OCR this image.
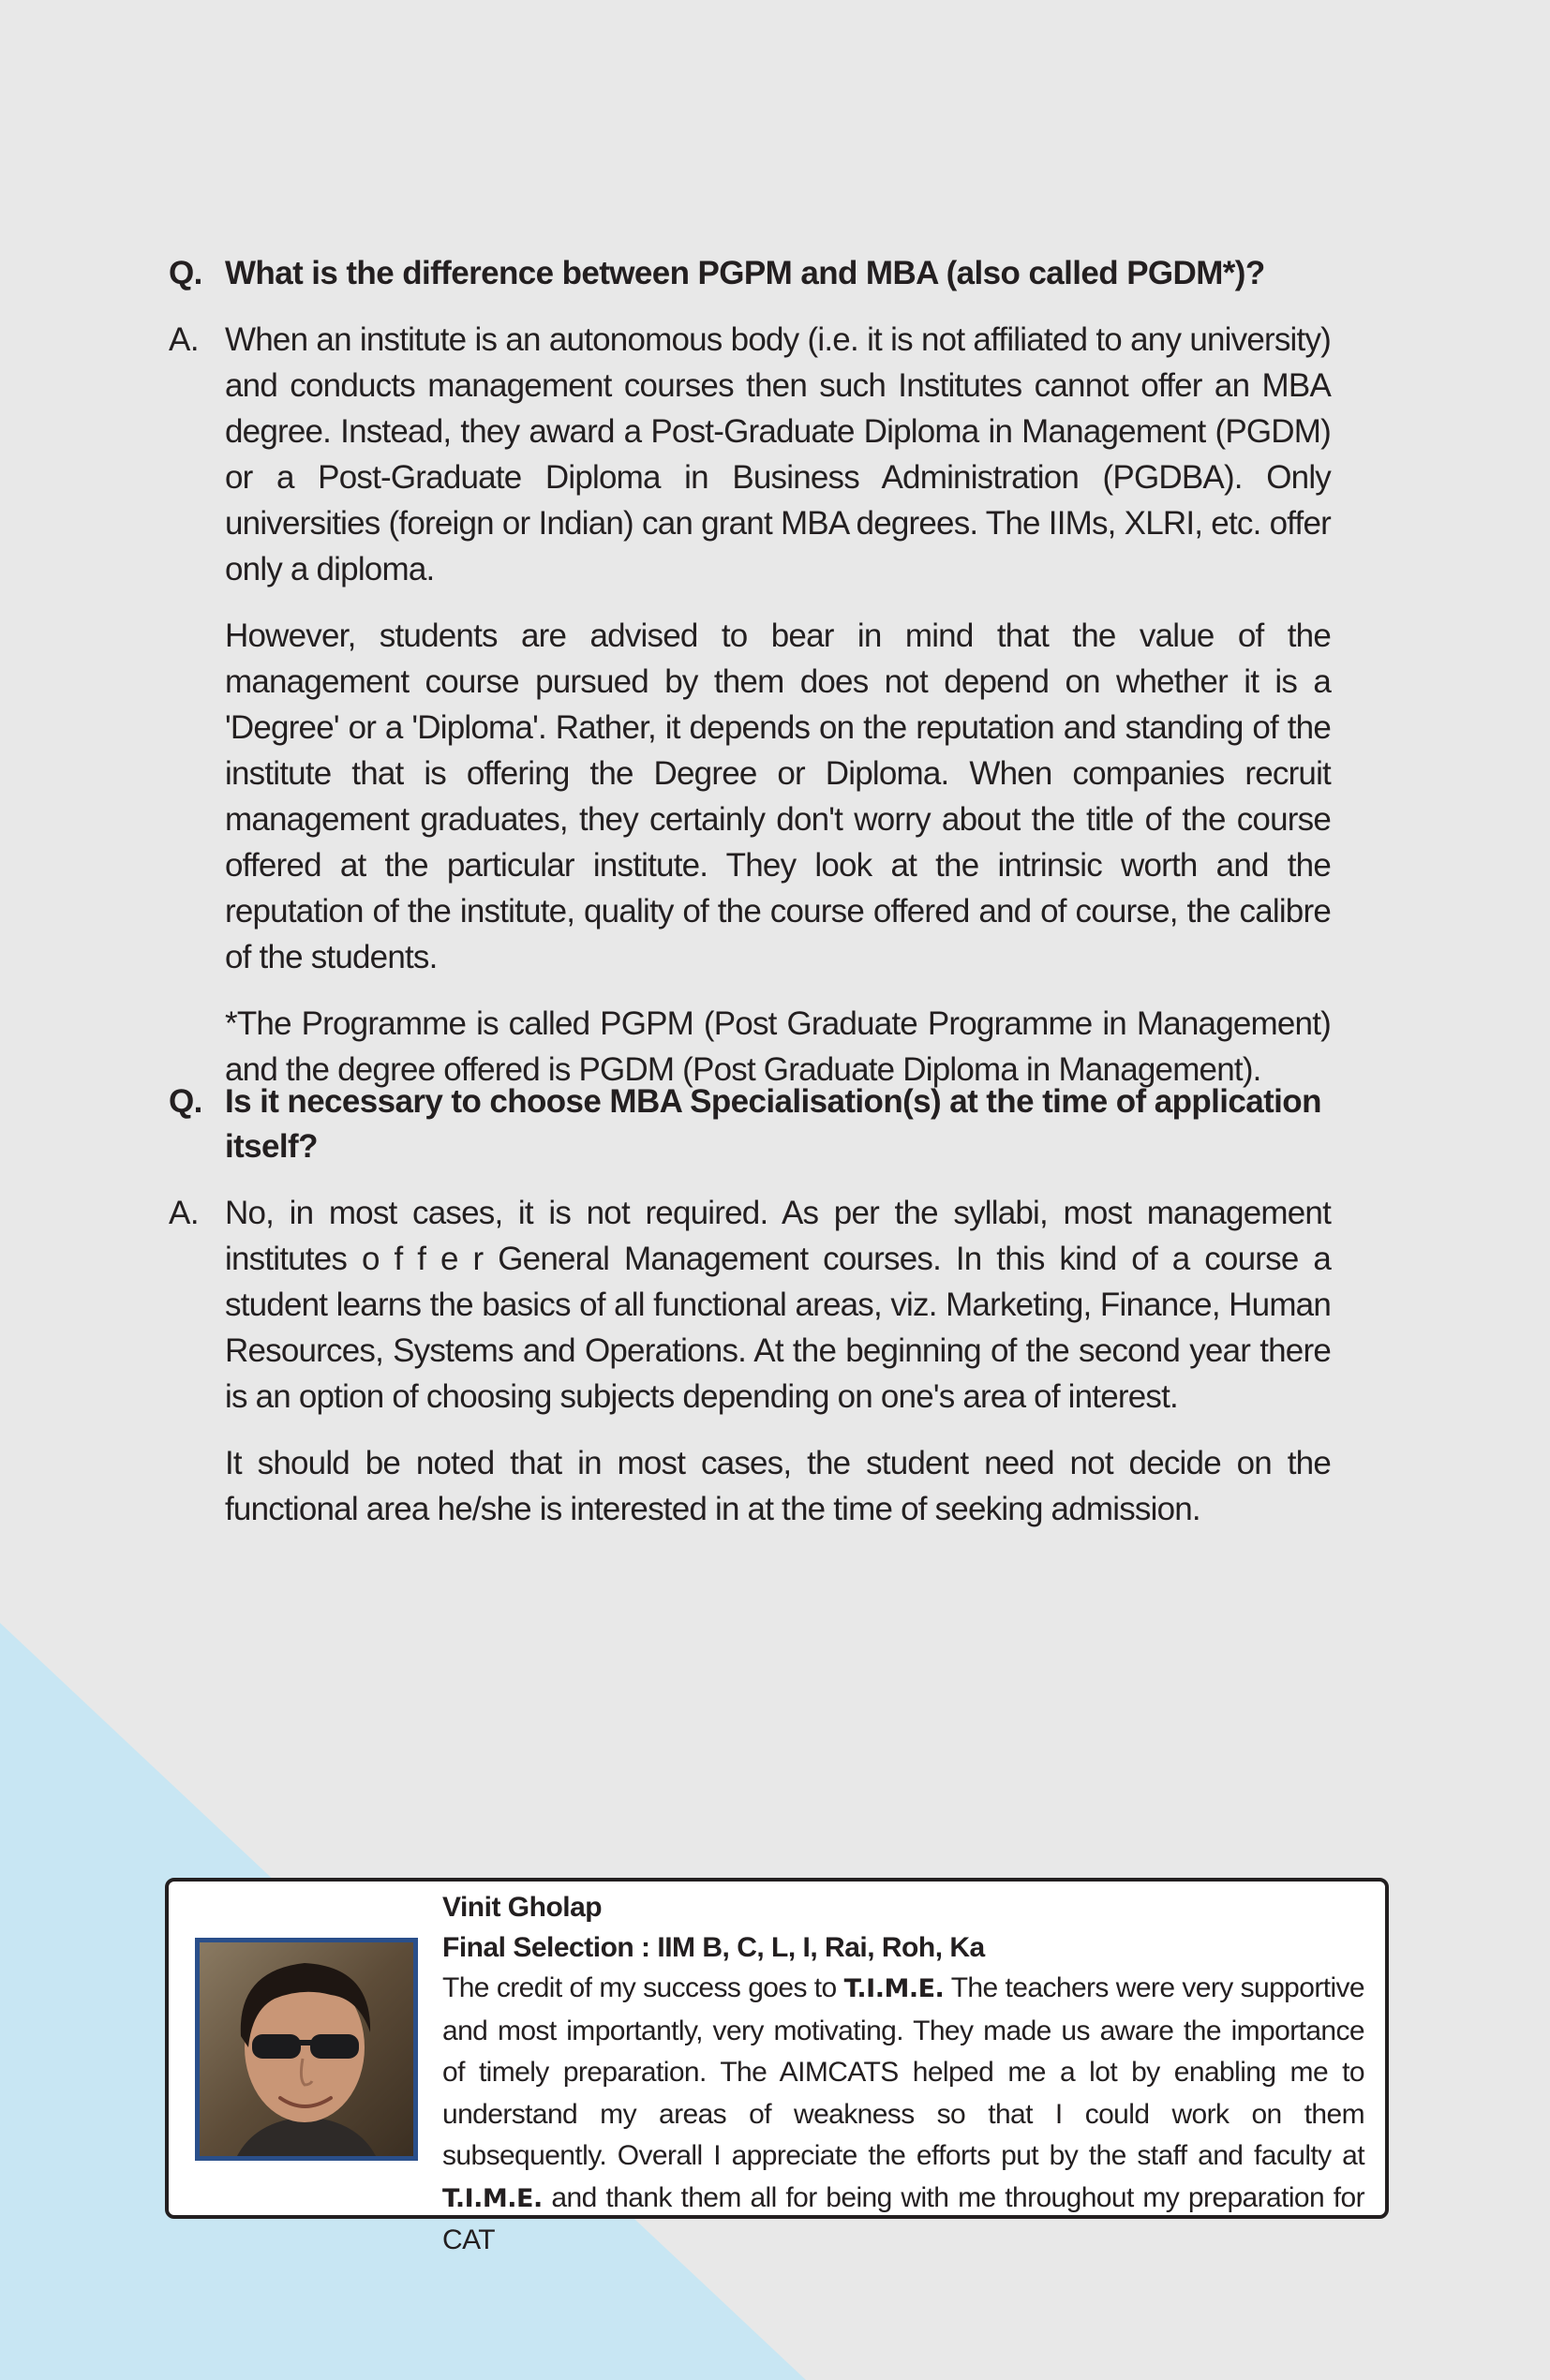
Q. What is the difference between PGPM and MBA (also called PGDM*)?
A. When an institute is an autonomous body (i.e. it is not affiliated to any university) and conducts management courses then such Institutes cannot offer an MBA degree. Instead, they award a Post-Graduate Diploma in Management (PGDM) or a Post-Graduate Diploma in Business Administration (PGDBA). Only universities (foreign or Indian) can grant MBA degrees. The IIMs, XLRI, etc. offer only a diploma.

However, students are advised to bear in mind that the value of the management course pursued by them does not depend on whether it is a 'Degree' or a 'Diploma'. Rather, it depends on the reputation and standing of the institute that is offering the Degree or Diploma. When companies recruit management graduates, they certainly don't worry about the title of the course offered at the particular institute. They look at the intrinsic worth and the reputation of the institute, quality of the course offered and of course, the calibre of the students.

*The Programme is called PGPM (Post Graduate Programme in Management) and the degree offered is PGDM (Post Graduate Diploma in Management).

Q. Is it necessary to choose MBA Specialisation(s) at the time of application itself?
A. No, in most cases, it is not required. As per the syllabi, most management institutes o f f e r General Management courses. In this kind of a course a student learns the basics of all functional areas, viz. Marketing, Finance, Human Resources, Systems and Operations. At the beginning of the second year there is an option of choosing subjects depending on one's area of interest.

It should be noted that in most cases, the student need not decide on the functional area he/she is interested in at the time of seeking admission.

Vinit Gholap
Final Selection : IIM B, C, L, I, Rai, Roh, Ka
The credit of my success goes to T.I.M.E. The teachers were very supportive and most importantly, very motivating. They made us aware the importance of timely preparation. The AIMCATS helped me a lot by enabling me to understand my areas of weakness so that I could work on them subsequently. Overall I appreciate the efforts put by the staff and faculty at T.I.M.E. and thank them all for being with me throughout my preparation for CAT
